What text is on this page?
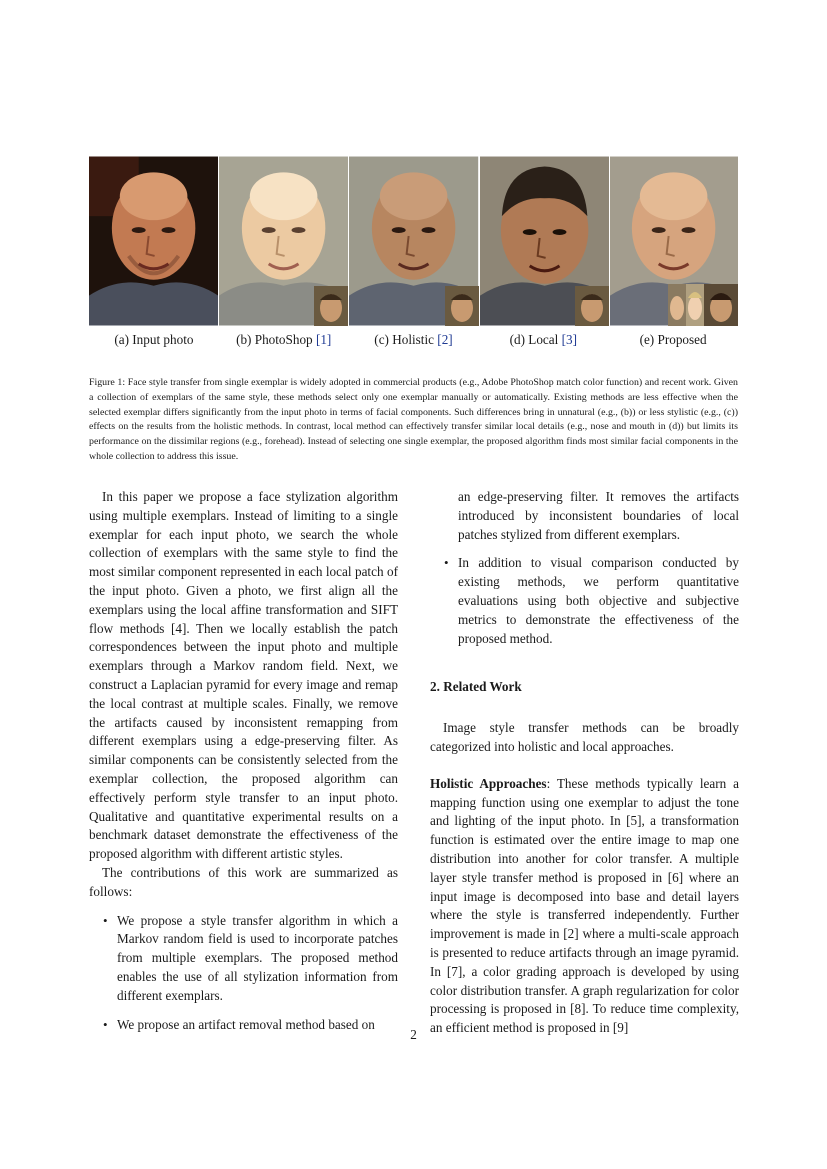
(a) Input photo	(b) PhotoShop [1]	(c) Holistic [2]	(d) Local [3]	(e) Proposed
Figure 1: Face style transfer from single exemplar is widely adopted in commercial products (e.g., Adobe PhotoShop match color function) and recent work. Given a collection of exemplars of the same style, these methods select only one exemplar manually or automatically. Existing methods are less effective when the selected exemplar differs significantly from the input photo in terms of facial components. Such differences bring in unnatural (e.g., (b)) or less stylistic (e.g., (c)) effects on the results from the holistic methods. In contrast, local method can effectively transfer similar local details (e.g., nose and mouth in (d)) but limits its performance on the dissimilar regions (e.g., forehead). Instead of selecting one single exemplar, the proposed algorithm finds most similar facial components in the whole collection to address this issue.

In this paper we propose a face stylization algorithm using multiple exemplars. Instead of limiting to a single exemplar for each input photo, we search the whole collection of exemplars with the same style to find the most similar component represented in each local patch of the input photo. Given a photo, we first align all the exemplars using the local affine transformation and SIFT flow methods [4]. Then we locally establish the patch correspondences between the input photo and multiple exemplars through a Markov random field. Next, we construct a Laplacian pyramid for every image and remap the local contrast at multiple scales. Finally, we remove the artifacts caused by inconsistent remapping from different exemplars using a edge-preserving filter. As similar components can be consistently selected from the exemplar collection, the proposed algorithm can effectively perform style transfer to an input photo. Qualitative and quantitative experimental results on a benchmark dataset demonstrate the effectiveness of the proposed algorithm with different artistic styles.

The contributions of this work are summarized as follows:

• We propose a style transfer algorithm in which a Markov random field is used to incorporate patches from multiple exemplars. The proposed method enables the use of all stylization information from different exemplars.
• We propose an artifact removal method based on
an edge-preserving filter. It removes the artifacts introduced by inconsistent boundaries of local patches stylized from different exemplars.
• In addition to visual comparison conducted by existing methods, we perform quantitative evaluations using both objective and subjective metrics to demonstrate the effectiveness of the proposed method.
2. Related Work

Image style transfer methods can be broadly categorized into holistic and local approaches.

Holistic Approaches: These methods typically learn a mapping function using one exemplar to adjust the tone and lighting of the input photo. In [5], a transformation function is estimated over the entire image to map one distribution into another for color transfer. A multiple layer style transfer method is proposed in [6] where an input image is decomposed into base and detail layers where the style is transferred independently. Further improvement is made in [2] where a multi-scale approach is presented to reduce artifacts through an image pyramid. In [7], a color grading approach is developed by using color distribution transfer. A graph regularization for color processing is proposed in [8]. To reduce time complexity, an efficient method is proposed in [9]

2
